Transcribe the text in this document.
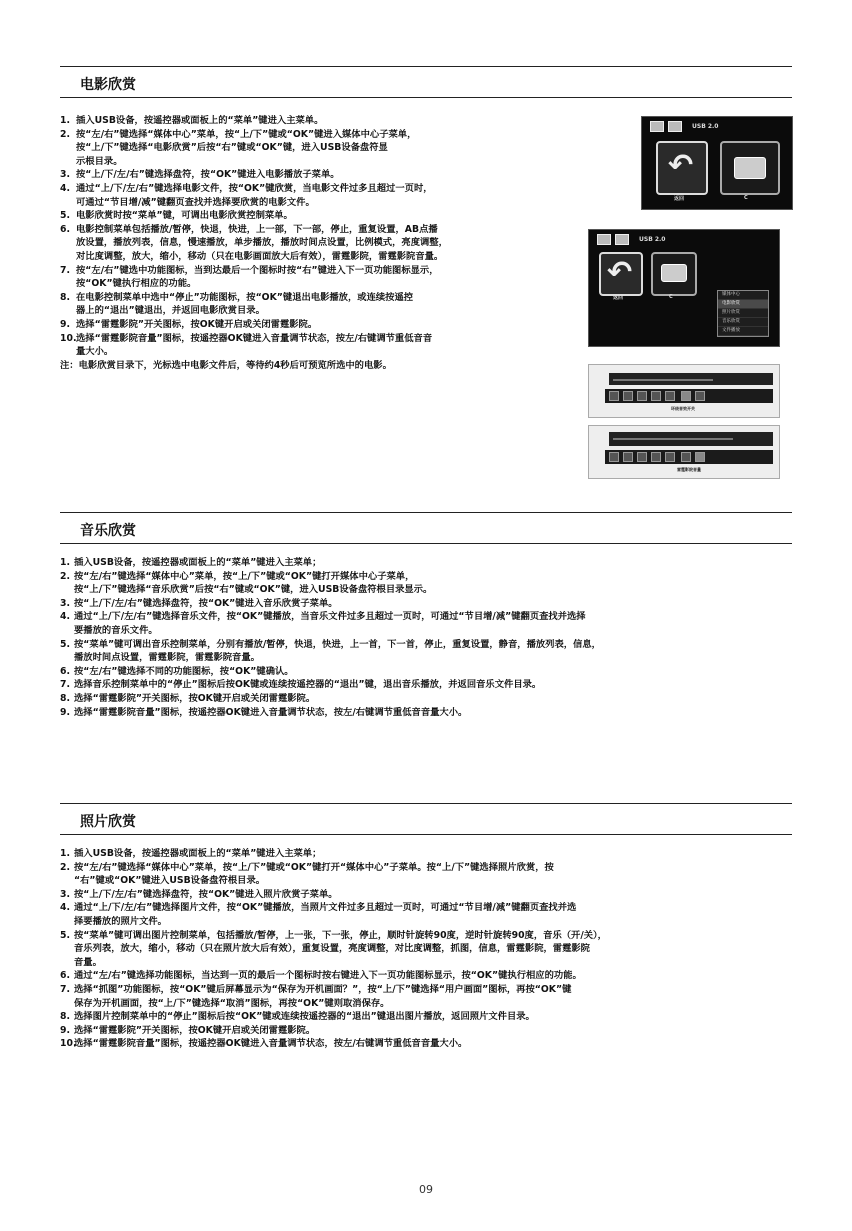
电影欣赏
1. 插入USB设备，按遥控器或面板上的“菜单”键进入主菜单。
2. 按“左/右”键选择“媒体中心”菜单，按“上/下”键或“OK”键进入媒体中心子菜单，
按“上/下”键选择“电影欣赏”后按“右”键或“OK”键，进入USB设备盘符显
示根目录。
3. 按“上/下/左/右”键选择盘符，按“OK”键进入电影播放子菜单。
4. 通过“上/下/左/右”键选择电影文件，按“OK”键欣赏，当电影文件过多且超过一页时，
可通过“节目增/减”键翻页查找并选择要欣赏的电影文件。
5. 电影欣赏时按“菜单”键，可调出电影欣赏控制菜单。
6. 电影控制菜单包括播放/暂停，快退，快进，上一部，下一部，停止，重复设置，AB点播
放设置，播放列表，信息，慢速播放，单步播放，播放时间点设置，比例模式，亮度调整，
对比度调整，放大，缩小，移动（只在电影画面放大后有效），雷霆影院，雷霆影院音量。
7. 按“左/右”键选中功能图标，当到达最后一个图标时按“右”键进入下一页功能图标显示，
按“OK”键执行相应的功能。
8. 在电影控制菜单中选中“停止”功能图标，按“OK”键退出电影播放，或连续按遥控
器上的“退出”键退出，并返回电影欣赏目录。
9. 选择“雷霆影院”开关图标，按OK键开启或关闭雷霆影院。
10. 选择“雷霆影院音量”图标，按遥控器OK键进入音量调节状态，按左/右键调节重低音音
量大小。
注：电影欣赏目录下，光标选中电影文件后，等待约4秒后可预览所选中的电影。
USB 2.0
↶
返回	C
USB 2.0
↶
返回	C	媒体中心
电影欣赏
照片欣赏
音乐欣赏
文件播放
环绕音效开关
雷霆影院音量
音乐欣赏
1. 插入USB设备，按遥控器或面板上的“菜单”键进入主菜单；
2. 按“左/右”键选择“媒体中心”菜单，按“上/下”键或“OK”键打开媒体中心子菜单，
按“上/下”键选择“音乐欣赏”后按“右”键或“OK”键，进入USB设备盘符根目录显示。
3. 按“上/下/左/右”键选择盘符，按“OK”键进入音乐欣赏子菜单。
4. 通过“上/下/左/右”键选择音乐文件，按“OK”键播放，当音乐文件过多且超过一页时，可通过“节目增/减”键翻页查找并选择
要播放的音乐文件。
5. 按“菜单”键可调出音乐控制菜单，分别有播放/暂停，快退，快进，上一首，下一首，停止，重复设置，静音，播放列表，信息，
播放时间点设置，雷霆影院，雷霆影院音量。
6. 按“左/右”键选择不同的功能图标，按“OK”键确认。
7. 选择音乐控制菜单中的“停止”图标后按OK键或连续按遥控器的“退出”键，退出音乐播放，并返回音乐文件目录。
8. 选择“雷霆影院”开关图标，按OK键开启或关闭雷霆影院。
9. 选择“雷霆影院音量”图标，按遥控器OK键进入音量调节状态，按左/右键调节重低音音量大小。
照片欣赏
1. 插入USB设备，按遥控器或面板上的“菜单”键进入主菜单；
2. 按“左/右”键选择“媒体中心”菜单，按“上/下”键或“OK”键打开“媒体中心”子菜单。按“上/下”键选择照片欣赏，按
“右”键或“OK”键进入USB设备盘符根目录。
3. 按“上/下/左/右”键选择盘符，按“OK”键进入照片欣赏子菜单。
4. 通过“上/下/左/右”键选择图片文件，按“OK”键播放，当照片文件过多且超过一页时，可通过“节目增/减”键翻页查找并选
择要播放的照片文件。
5. 按“菜单”键可调出图片控制菜单，包括播放/暂停，上一张，下一张，停止，顺时针旋转90度，逆时针旋转90度，音乐（开/关），
音乐列表，放大，缩小，移动（只在照片放大后有效），重复设置，亮度调整，对比度调整，抓图，信息，雷霆影院，雷霆影院
音量。
6. 通过“左/右”键选择功能图标，当达到一页的最后一个图标时按右键进入下一页功能图标显示，按“OK”键执行相应的功能。
7. 选择“抓图”功能图标，按“OK”键后屏幕显示为“保存为开机画面？”，按“上/下”键选择“用户画面”图标，再按“OK”键
保存为开机画面，按“上/下”键选择“取消”图标，再按“OK”键则取消保存。
8. 选择图片控制菜单中的“停止”图标后按“OK”键或连续按遥控器的“退出”键退出图片播放，返回照片文件目录。
9. 选择“雷霆影院”开关图标，按OK键开启或关闭雷霆影院。
10.
选择“雷霆影院音量”图标，按遥控器OK键进入音量调节状态，按左/右键调节重低音音量大小。
09
